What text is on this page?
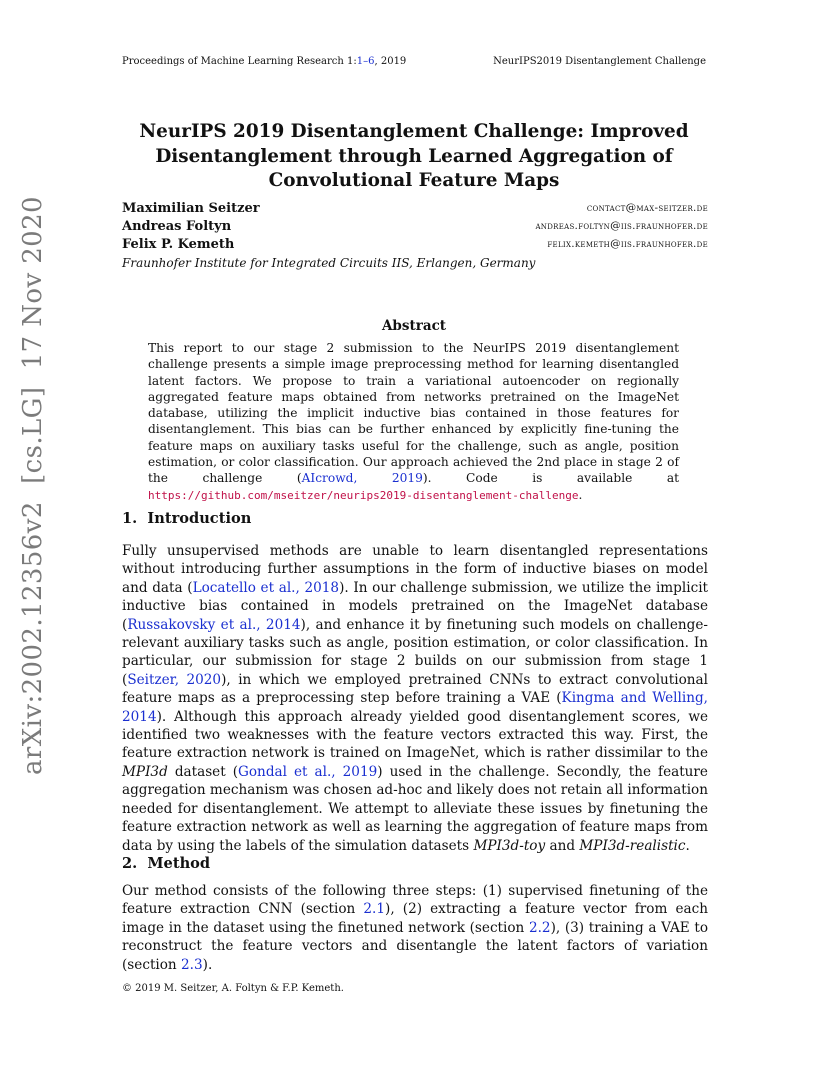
Proceedings of Machine Learning Research 1:1–6, 2019	NeurIPS2019 Disentanglement Challenge
NeurIPS 2019 Disentanglement Challenge: Improved Disentanglement through Learned Aggregation of Convolutional Feature Maps
Maximilian Seitzer	contact@max-seitzer.de
Andreas Foltyn	andreas.foltyn@iis.fraunhofer.de
Felix P. Kemeth	felix.kemeth@iis.fraunhofer.de
Fraunhofer Institute for Integrated Circuits IIS, Erlangen, Germany
Abstract
This report to our stage 2 submission to the NeurIPS 2019 disentanglement challenge presents a simple image preprocessing method for learning disentangled latent factors. We propose to train a variational autoencoder on regionally aggregated feature maps obtained from networks pretrained on the ImageNet database, utilizing the implicit inductive bias contained in those features for disentanglement. This bias can be further enhanced by explicitly fine-tuning the feature maps on auxiliary tasks useful for the challenge, such as angle, position estimation, or color classification. Our approach achieved the 2nd place in stage 2 of the challenge (AIcrowd, 2019). Code is available at https://github.com/mseitzer/neurips2019-disentanglement-challenge.
1.  Introduction
Fully unsupervised methods are unable to learn disentangled representations without introducing further assumptions in the form of inductive biases on model and data (Locatello et al., 2018). In our challenge submission, we utilize the implicit inductive bias contained in models pretrained on the ImageNet database (Russakovsky et al., 2014), and enhance it by finetuning such models on challenge-relevant auxiliary tasks such as angle, position estimation, or color classification. In particular, our submission for stage 2 builds on our submission from stage 1 (Seitzer, 2020), in which we employed pretrained CNNs to extract convolutional feature maps as a preprocessing step before training a VAE (Kingma and Welling, 2014). Although this approach already yielded good disentanglement scores, we identified two weaknesses with the feature vectors extracted this way. First, the feature extraction network is trained on ImageNet, which is rather dissimilar to the MPI3d dataset (Gondal et al., 2019) used in the challenge. Secondly, the feature aggregation mechanism was chosen ad-hoc and likely does not retain all information needed for disentanglement. We attempt to alleviate these issues by finetuning the feature extraction network as well as learning the aggregation of feature maps from data by using the labels of the simulation datasets MPI3d-toy and MPI3d-realistic.
2.  Method
Our method consists of the following three steps: (1) supervised finetuning of the feature extraction CNN (section 2.1), (2) extracting a feature vector from each image in the dataset using the finetuned network (section 2.2), (3) training a VAE to reconstruct the feature vectors and disentangle the latent factors of variation (section 2.3).
© 2019 M. Seitzer, A. Foltyn & F.P. Kemeth.
arXiv:2002.12356v2  [cs.LG]  17 Nov 2020
